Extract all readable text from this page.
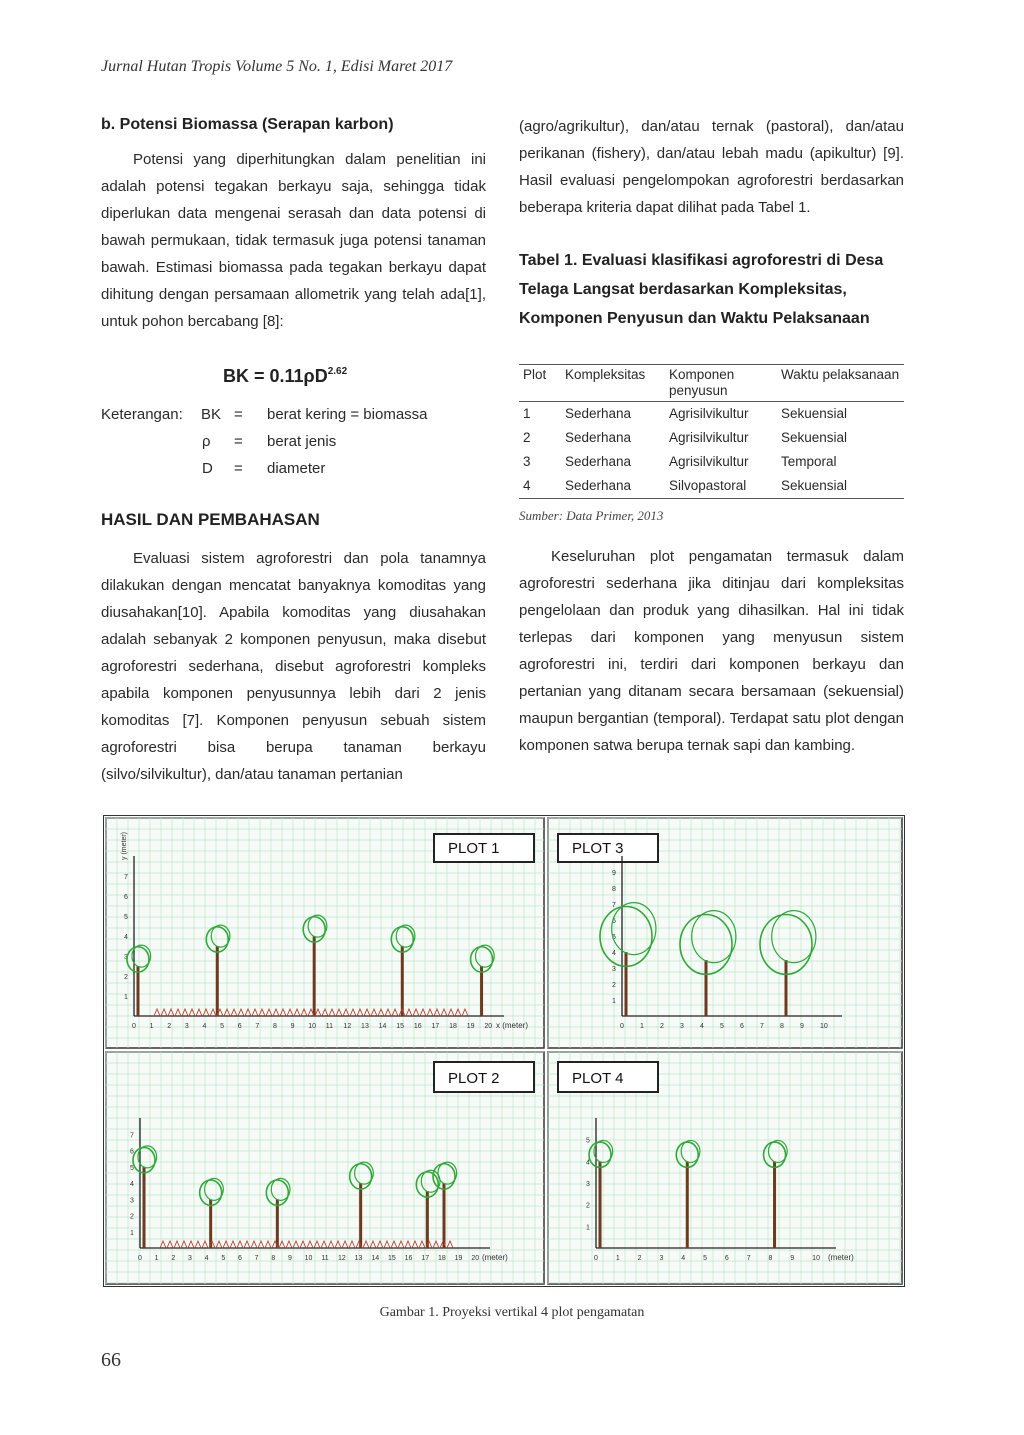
Jurnal Hutan Tropis Volume 5 No. 1, Edisi Maret 2017
b. Potensi Biomassa (Serapan karbon)

Potensi yang diperhitungkan dalam penelitian ini adalah potensi tegakan berkayu saja, sehingga tidak diperlukan data mengenai serasah dan data potensi di bawah permukaan, tidak termasuk juga potensi tanaman bawah. Estimasi biomassa pada tegakan berkayu dapat dihitung dengan persamaan allometrik yang telah ada[1], untuk pohon bercabang [8]:

BK = $0.11\rho D^{2.62}$
Keterangan: BK = berat kering = biomassa
ρ = berat jenis
D = diameter
HASIL DAN PEMBAHASAN

Evaluasi sistem agroforestri dan pola tanamnya dilakukan dengan mencatat banyaknya komoditas yang diusahakan[10]. Apabila komoditas yang diusahakan adalah sebanyak 2 komponen penyusun, maka disebut agroforestri sederhana, disebut agroforestri kompleks apabila komponen penyusunnya lebih dari 2 jenis komoditas [7]. Komponen penyusun sebuah sistem agroforestri bisa berupa tanaman berkayu (silvo/silvikultur), dan/atau tanaman pertanian

(agro/agrikultur), dan/atau ternak (pastoral), dan/atau perikanan (fishery), dan/atau lebah madu (apikultur) [9]. Hasil evaluasi pengelompokan agroforestri berdasarkan beberapa kriteria dapat dilihat pada Tabel 1.

Tabel 1. Evaluasi klasifikasi agroforestri di Desa Telaga Langsat berdasarkan Kompleksitas, Komponen Penyusun dan Waktu Pelaksanaan
Plot	Kompleksitas	Komponen penyusun	Waktu pelaksanaan
1	Sederhana	Agrisilvikultur	Sekuensial
2	Sederhana	Agrisilvikultur	Sekuensial
3	Sederhana	Agrisilvikultur	Temporal
4	Sederhana	Silvopastoral	Sekuensial
Sumber: Data Primer, 2013

Keseluruhan plot pengamatan termasuk dalam agroforestri sederhana jika ditinjau dari kompleksitas pengelolaan dan produk yang dihasilkan. Hal ini tidak terlepas dari komponen yang menyusun sistem agroforestri ini, terdiri dari komponen berkayu dan pertanian yang ditanam secara bersamaan (sekuensial) maupun bergantian (temporal). Terdapat satu plot dengan komponen satwa berupa ternak sapi dan kambing.

PLOT 1
0 1 2 3 4 5 6 7 8 9 10 11 12 13 14 15 16 17 18 19 20 x (meter)
1
2
3
4
5
6
7
y (meter)	PLOT 3
0 1 2 3 4 5 6 7 8 9 10
1
2
3
4
5
6
7
8
9
PLOT 2
0 1 2 3 4 5 6 7 8 9 10 11 12 13 14 15 16 17 18 19 20 (meter)
1
2
3
4
5
6
7
PLOT 4
0	1	2	3	4	5	6	7	8	9	10 (meter)
1
2
3
4
5
Gambar 1. Proyeksi vertikal 4 plot pengamatan
66
